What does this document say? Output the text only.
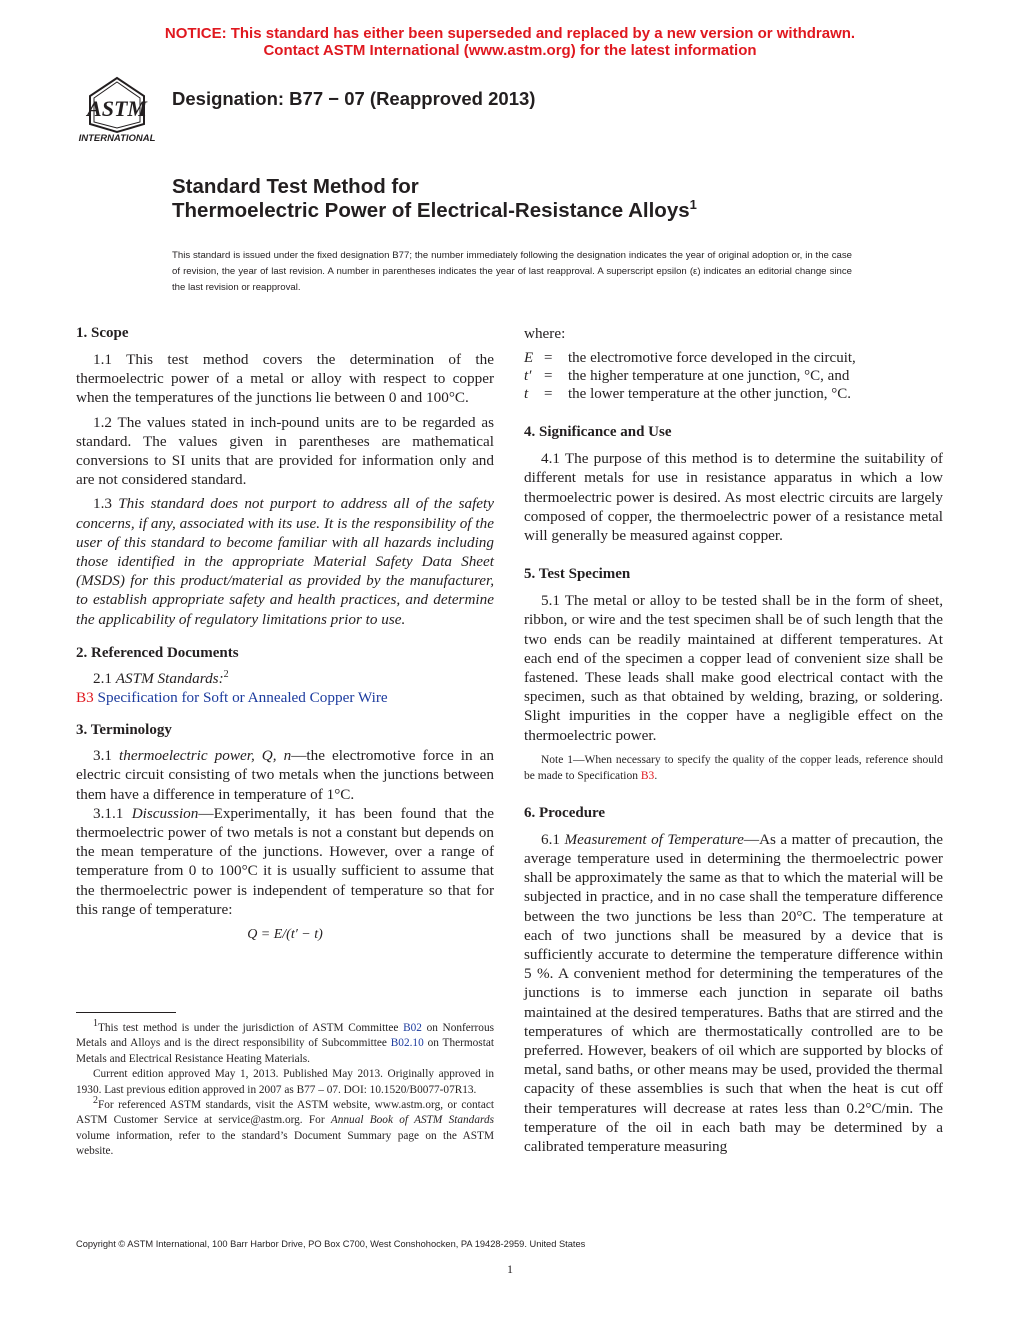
NOTICE: This standard has either been superseded and replaced by a new version or withdrawn.
Contact ASTM International (www.astm.org) for the latest information
ASTM
INTERNATIONAL
Designation: B77 − 07 (Reapproved 2013)
Standard Test Method for
Thermoelectric Power of Electrical-Resistance Alloys$^1$
This standard is issued under the fixed designation B77; the number immediately following the designation indicates the year of original adoption or, in the case of revision, the year of last revision. A number in parentheses indicates the year of last reapproval. A superscript epsilon (ε) indicates an editorial change since the last revision or reapproval.

1. Scope

1.1 This test method covers the determination of the thermoelectric power of a metal or alloy with respect to copper when the temperatures of the junctions lie between 0 and 100°C.

1.2 The values stated in inch-pound units are to be regarded as standard. The values given in parentheses are mathematical conversions to SI units that are provided for information only and are not considered standard.

1.3 This standard does not purport to address all of the safety concerns, if any, associated with its use. It is the responsibility of the user of this standard to become familiar with all hazards including those identified in the appropriate Material Safety Data Sheet (MSDS) for this product/material as provided by the manufacturer, to establish appropriate safety and health practices, and determine the applicability of regulatory limitations prior to use.

2. Referenced Documents

2.1 ASTM Standards:$^2$

B3 Specification for Soft or Annealed Copper Wire

3. Terminology

3.1 thermoelectric power, Q, n—the electromotive force in an electric circuit consisting of two metals when the junctions between them have a difference in temperature of 1°C.

3.1.1 Discussion—Experimentally, it has been found that the thermoelectric power of two metals is not a constant but depends on the mean temperature of the junctions. However, over a range of temperature from 0 to 100°C it is usually sufficient to assume that the thermoelectric power is independent of temperature so that for this range of temperature:

Q = E/(t′ − t)

$^1$This test method is under the jurisdiction of ASTM Committee B02 on Nonferrous Metals and Alloys and is the direct responsibility of Subcommittee B02.10 on Thermostat Metals and Electrical Resistance Heating Materials.

Current edition approved May 1, 2013. Published May 2013. Originally approved in 1930. Last previous edition approved in 2007 as B77 – 07. DOI: 10.1520/B0077-07R13.

$^2$For referenced ASTM standards, visit the ASTM website, www.astm.org, or contact ASTM Customer Service at service@astm.org. For Annual Book of ASTM Standards volume information, refer to the standard’s Document Summary page on the ASTM website.

where:

E =	the electromotive force developed in the circuit,
t′ =	the higher temperature at one junction, °C, and
t	=	the lower temperature at the other junction, °C.

4. Significance and Use

4.1 The purpose of this method is to determine the suitability of different metals for use in resistance apparatus in which a low thermoelectric power is desired. As most electric circuits are largely composed of copper, the thermoelectric power of a resistance metal will generally be measured against copper.

5. Test Specimen

5.1 The metal or alloy to be tested shall be in the form of sheet, ribbon, or wire and the test specimen shall be of such length that the two ends can be readily maintained at different temperatures. At each end of the specimen a copper lead of convenient size shall be fastened. These leads shall make good electrical contact with the specimen, such as that obtained by welding, brazing, or soldering. Slight impurities in the copper have a negligible effect on the thermoelectric power.

Note 1—When necessary to specify the quality of the copper leads, reference should be made to Specification B3.

6. Procedure

6.1 Measurement of Temperature—As a matter of precaution, the average temperature used in determining the thermoelectric power shall be approximately the same as that to which the material will be subjected in practice, and in no case shall the temperature difference between the two junctions be less than 20°C. The temperature at each of two junctions shall be measured by a device that is sufficiently accurate to determine the temperature difference within 5 %. A convenient method for determining the temperatures of the junctions is to immerse each junction in separate oil baths maintained at the desired temperatures. Baths that are stirred and the temperatures of which are thermostatically controlled are to be preferred. However, beakers of oil which are supported by blocks of metal, sand baths, or other means may be used, provided the thermal capacity of these assemblies is such that when the heat is cut off their temperatures will decrease at rates less than 0.2°C/min. The temperature of the oil in each bath may be determined by a calibrated temperature measuring

Copyright © ASTM International, 100 Barr Harbor Drive, PO Box C700, West Conshohocken, PA 19428-2959. United States
1
